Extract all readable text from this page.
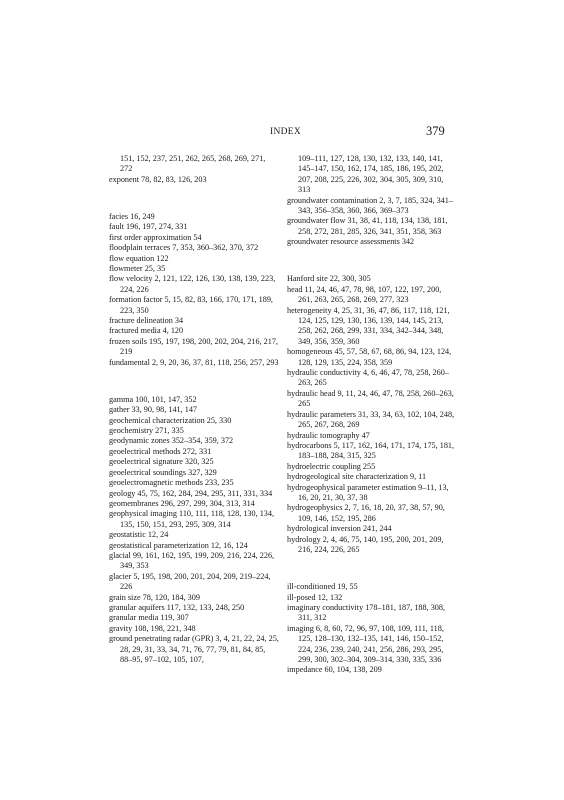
INDEX	379

151, 152, 237, 251, 262, 265, 268, 269, 271, 272

exponent 78, 82, 83, 126, 203

facies 16, 249

fault 196, 197, 274, 331

first order approximation 54

floodplain terraces 7, 353, 360–362, 370, 372

flow equation 122

flowmeter 25, 35

flow velocity 2, 121, 122, 126, 130, 138, 139, 223, 224, 226

formation factor 5, 15, 82, 83, 166, 170, 171, 189, 223, 350

fracture delineation 34

fractured media 4, 120

frozen soils 195, 197, 198, 200, 202, 204, 216, 217, 219

fundamental 2, 9, 20, 36, 37, 81, 118, 256, 257, 293

gamma 100, 101, 147, 352

gather 33, 90, 98, 141, 147

geochemical characterization 25, 330

geochemistry 271, 335

geodynamic zones 352–354, 359, 372

geoelectrical methods 272, 331

geoelectrical signature 320, 325

geoelectrical soundings 327, 329

geoelectromagnetic methods 233, 235

geology 45, 75, 162, 284, 294, 295, 311, 331, 334

geomembranes 296, 297, 299, 304, 313, 314

geophysical imaging 110, 111, 118, 128, 130, 134, 135, 150, 151, 293, 295, 309, 314

geostatistic 12, 24

geostatistical parameterization 12, 16, 124

glacial 99, 161, 162, 195, 199, 209, 216, 224, 226, 349, 353

glacier 5, 195, 198, 200, 201, 204, 209, 219–224, 226

grain size 78, 120, 184, 309

granular aquifers 117, 132, 133, 248, 250

granular media 119, 307

gravity 108, 198, 221, 348

ground penetrating radar (GPR) 3, 4, 21, 22, 24, 25, 28, 29, 31, 33, 34, 71, 76, 77, 79, 81, 84, 85, 88–95, 97–102, 105, 107,

109–111, 127, 128, 130, 132, 133, 140, 141, 145–147, 150, 162, 174, 185, 186, 195, 202, 207, 208, 225, 226, 302, 304, 305, 309, 310, 313

groundwater contamination 2, 3, 7, 185, 324, 341–343, 356–358, 360, 366, 369–373

groundwater flow 31, 38, 41, 118, 134, 138, 181, 258, 272, 281, 285, 326, 341, 351, 358, 363

groundwater resource assessments 342

Hanford site 22, 300, 305

head 11, 24, 46, 47, 78, 98, 107, 122, 197, 200, 261, 263, 265, 268, 269, 277, 323

heterogeneity 4, 25, 31, 36, 47, 86, 117, 118, 121, 124, 125, 129, 130, 136, 139, 144, 145, 213, 258, 262, 268, 299, 331, 334, 342–344, 348, 349, 356, 359, 360

homogeneous 45, 57, 58, 67, 68, 86, 94, 123, 124, 128, 129, 135, 224, 358, 359

hydraulic conductivity 4, 6, 46, 47, 78, 258, 260–263, 265

hydraulic head 9, 11, 24, 46, 47, 78, 258, 260–263, 265

hydraulic parameters 31, 33, 34, 63, 102, 104, 248, 265, 267, 268, 269

hydraulic tomography 47

hydrocarbons 5, 117, 162, 164, 171, 174, 175, 181, 183–188, 284, 315, 325

hydroelectric coupling 255

hydrogeological site characterization 9, 11

hydrogeophysical parameter estimation 9–11, 13, 16, 20, 21, 30, 37, 38

hydrogeophysics 2, 7, 16, 18, 20, 37, 38, 57, 90, 109, 146, 152, 195, 286

hydrological inversion 241, 244

hydrology 2, 4, 46, 75, 140, 195, 200, 201, 209, 216, 224, 226, 265

ill-conditioned 19, 55

ill-posed 12, 132

imaginary conductivity 178–181, 187, 188, 308, 311, 312

imaging 6, 8, 60, 72, 96, 97, 108, 109, 111, 118, 125, 128–130, 132–135, 141, 146, 150–152, 224, 236, 239, 240, 241, 256, 286, 293, 295, 299, 300, 302–304, 309–314, 330, 335, 336

impedance 60, 104, 138, 209
